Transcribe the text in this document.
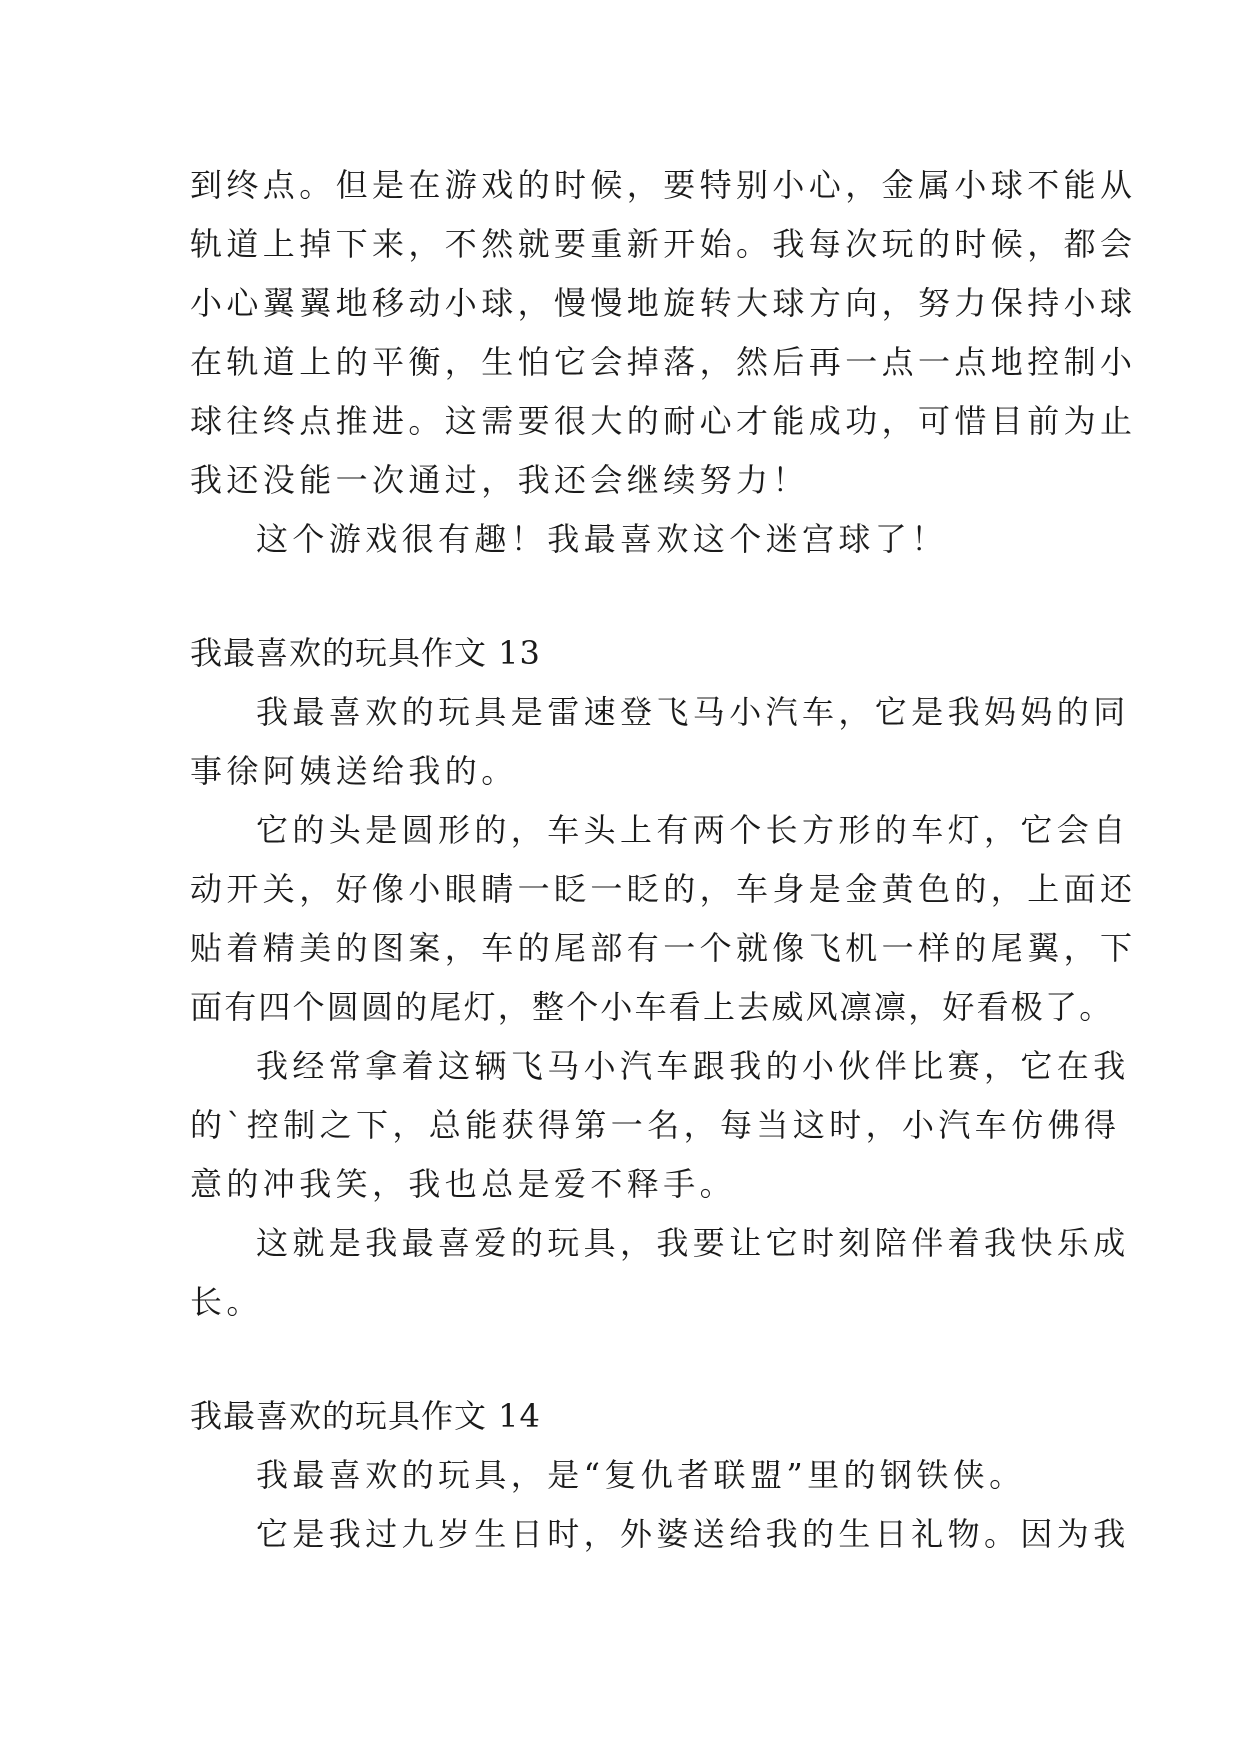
到终点。但是在游戏的时候，要特别小心，金属小球不能从
轨道上掉下来，不然就要重新开始。我每次玩的时候，都会
小心翼翼地移动小球，慢慢地旋转大球方向，努力保持小球
在轨道上的平衡，生怕它会掉落，然后再一点一点地控制小
球往终点推进。这需要很大的耐心才能成功，可惜目前为止
我还没能一次通过，我还会继续努力！
这个游戏很有趣！我最喜欢这个迷宫球了！
我最喜欢的玩具作文 13
我最喜欢的玩具是雷速登飞马小汽车，它是我妈妈的同
事徐阿姨送给我的。
它的头是圆形的，车头上有两个长方形的车灯，它会自
动开关，好像小眼睛一眨一眨的，车身是金黄色的，上面还
贴着精美的图案，车的尾部有一个就像飞机一样的尾翼，下
面有四个圆圆的尾灯，整个小车看上去威风凛凛，好看极了。
我经常拿着这辆飞马小汽车跟我的小伙伴比赛，它在我
的`控制之下，总能获得第一名，每当这时，小汽车仿佛得
意的冲我笑，我也总是爱不释手。
这就是我最喜爱的玩具，我要让它时刻陪伴着我快乐成
长。
我最喜欢的玩具作文 14
我最喜欢的玩具，是“复仇者联盟”里的钢铁侠。
它是我过九岁生日时，外婆送给我的生日礼物。因为我
